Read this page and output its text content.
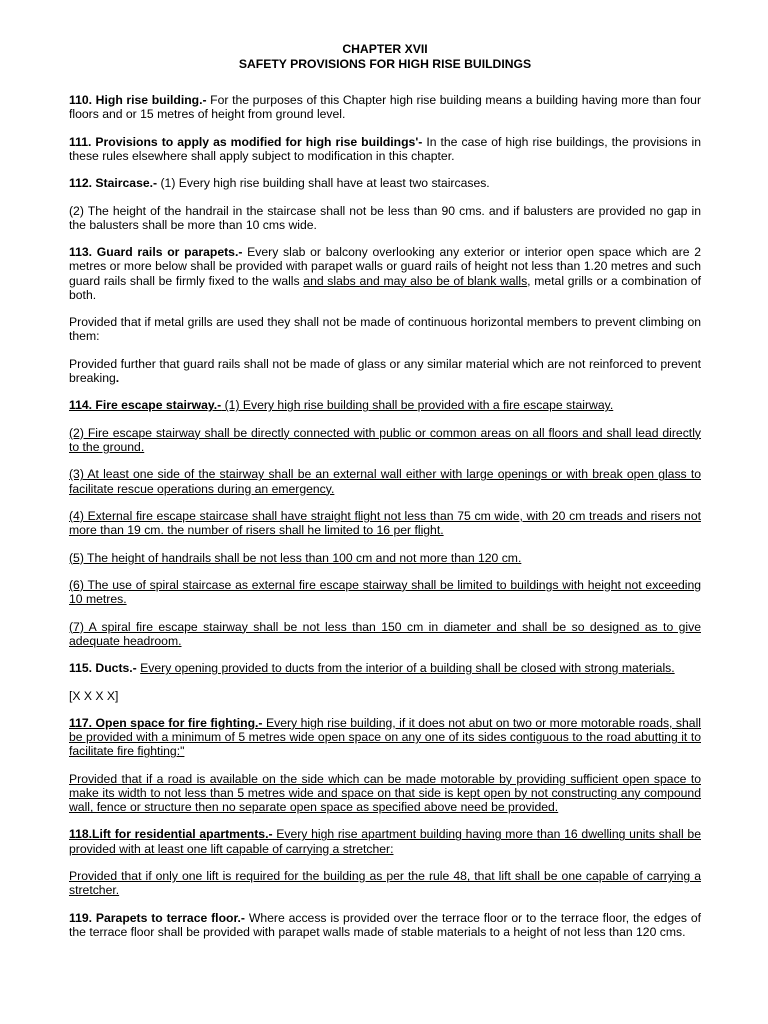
CHAPTER XVII

SAFETY PROVISIONS FOR HIGH RISE BUILDINGS

110. High rise building.- For the purposes of this Chapter high rise building means a building having more than four floors and or 15 metres of height from ground level.

111. Provisions to apply as modified for high rise buildings'- In the case of high rise buildings, the provisions in these rules elsewhere shall apply subject to modification in this chapter.

112. Staircase.- (1) Every high rise building shall have at least two staircases.

(2) The height of the handrail in the staircase shall not be less than 90 cms. and if balusters are provided no gap in the balusters shall be more than 10 cms wide.

113. Guard rails or parapets.- Every slab or balcony overlooking any exterior or interior open space which are 2 metres or more below shall be provided with parapet walls or guard rails of height not less than 1.20 metres and such guard rails shall be firmly fixed to the walls and slabs and may also be of blank walls, metal grills or a combination of both.

Provided that if metal grills are used they shall not be made of continuous horizontal members to prevent climbing on them:

Provided further that guard rails shall not be made of glass or any similar material which are not reinforced to prevent breaking.

114. Fire escape stairway.- (1) Every high rise building shall be provided with a fire escape stairway.

(2) Fire escape stairway shall be directly connected with public or common areas on all floors and shall lead directly to the ground.

(3) At least one side of the stairway shall be an external wall either with large openings or with break open glass to facilitate rescue operations during an emergency.

(4) External fire escape staircase shall have straight flight not less than 75 cm wide, with 20 cm treads and risers not more than 19 cm. the number of risers shall he limited to 16 per flight.

(5) The height of handrails shall be not less than 100 cm and not more than 120 cm.

(6) The use of spiral staircase as external fire escape stairway shall be limited to buildings with height not exceeding 10 metres.

(7) A spiral fire escape stairway shall be not less than 150 cm in diameter and shall be so designed as to give adequate headroom.

115. Ducts.- Every opening provided to ducts from the interior of a building shall be closed with strong materials.

[X X X X]

117. Open space for fire fighting.- Every high rise building, if it does not abut on two or more motorable roads, shall be provided with a minimum of 5 metres wide open space on any one of its sides contiguous to the road abutting it to facilitate fire fighting:"

Provided that if a road is available on the side which can be made motorable by providing sufficient open space to make its width to not less than 5 metres wide and space on that side is kept open by not constructing any compound wall, fence or structure then no separate open space as specified above need be provided.

118.Lift for residential apartments.- Every high rise apartment building having more than 16 dwelling units shall be provided with at least one lift capable of carrying a stretcher:

Provided that if only one lift is required for the building as per the rule 48, that lift shall be one capable of carrying a stretcher.

119. Parapets to terrace floor.- Where access is provided over the terrace floor or to the terrace floor, the edges of the terrace floor shall be provided with parapet walls made of stable materials to a height of not less than 120 cms.
